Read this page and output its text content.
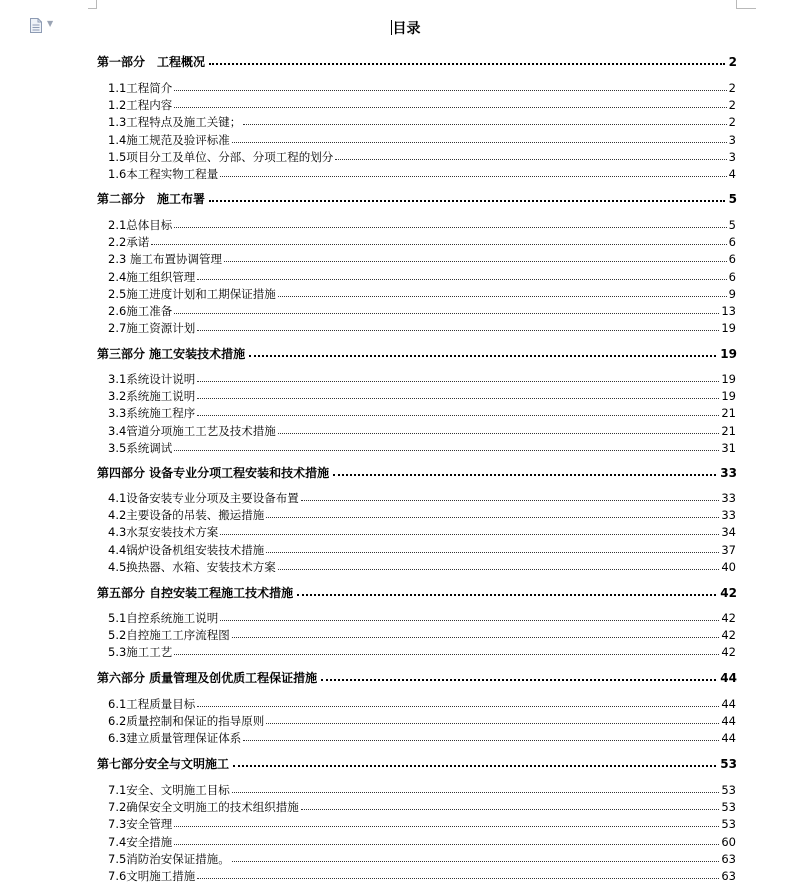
▼	目录
第一部分　工程概况	2
1.1工程简介	2
1.2工程内容	2
1.3工程特点及施工关键；	2
1.4施工规范及验评标准	3
1.5项目分工及单位、分部、分项工程的划分	3
1.6本工程实物工程量	4
第二部分　施工布署	5
2.1总体目标	5
2.2承诺	6
2.3 施工布置协调管理	6
2.4施工组织管理	6
2.5施工进度计划和工期保证措施	9
2.6施工准备	13
2.7施工资源计划	19
第三部分 施工安装技术措施	19
3.1系统设计说明	19
3.2系统施工说明	19
3.3系统施工程序	21
3.4管道分项施工工艺及技术措施	21
3.5系统调试	31
第四部分 设备专业分项工程安装和技术措施	33
4.1设备安装专业分项及主要设备布置	33
4.2主要设备的吊装、搬运措施	33
4.3水泵安装技术方案	34
4.4锅炉设备机组安装技术措施	37
4.5换热器、水箱、安装技术方案	40
第五部分 自控安装工程施工技术措施	42
5.1自控系统施工说明	42
5.2自控施工工序流程图	42
5.3施工工艺	42
第六部分 质量管理及创优质工程保证措施	44
6.1工程质量目标	44
6.2质量控制和保证的指导原则	44
6.3建立质量管理保证体系	44
第七部分安全与文明施工	53
7.1安全、文明施工目标	53
7.2确保安全文明施工的技术组织措施	53
7.3安全管理	53
7.4安全措施	60
7.5消防治安保证措施。	63
7.6文明施工措施	63
